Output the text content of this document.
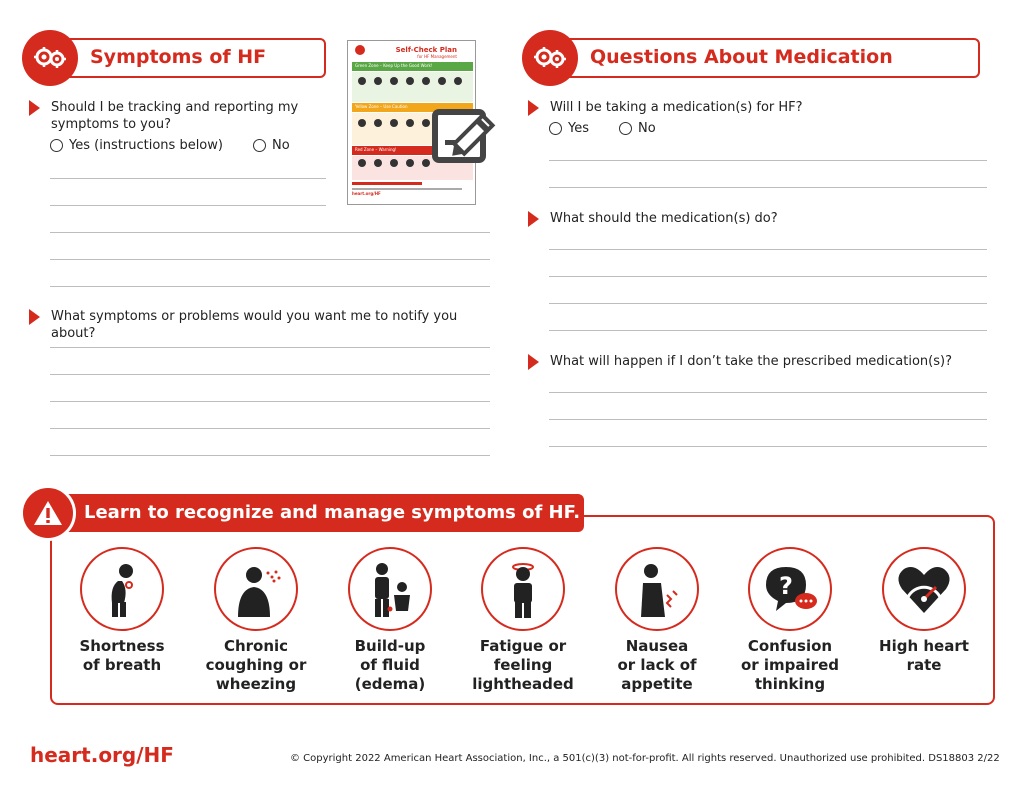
Symptoms of HF
Should I be tracking and reporting my symptoms to you?
Yes (instructions below)	No
What symptoms or problems would you want me to notify you about?
Self-Check Plan
for HF Management
Green Zone – Keep Up the Good Work!
Yellow Zone – Use Caution
Red Zone – Warning!
heart.org/HF
Questions About Medication
Will I be taking a medication(s) for HF?
Yes	No
What should the medication(s) do?
What will happen if I don’t take the prescribed medication(s)?
Learn to recognize and manage symptoms of HF.
Shortness
of breath
Chronic
coughing or
wheezing
Build-up
of fluid
(edema)
Fatigue or
feeling
lightheaded
Nausea
or lack of
appetite
?
Confusion
or impaired
thinking
High heart
rate
heart.org/HF	© Copyright 2022 American Heart Association, Inc., a 501(c)(3) not-for-profit. All rights reserved. Unauthorized use prohibited. DS18803 2/22
